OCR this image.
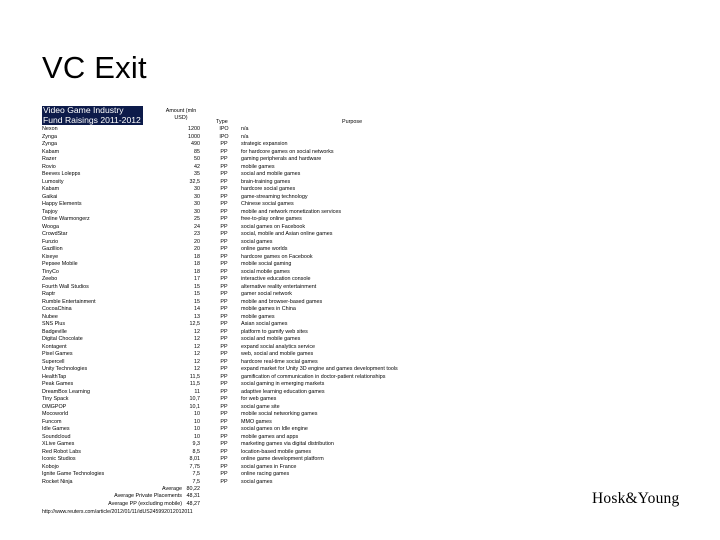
VC Exit
Video Game Industry
Fund Raisings 2011-2012
Amount (mln
USD)
Type	Purpose
Nexon	1200	IPO	n/a
Zynga	1000	IPO	n/a
Zynga	490	PP	strategic expansion
Kabam	85	PP	for hardcore games on social networks
Razer	50	PP	gaming peripherals and hardware
Rovio	42	PP	mobile games
Beeves Lolepps	35	PP	social and mobile games
Lumosity	32,5	PP	brain-training games
Kabam	30	PP	hardcore social games
Gaikai	30	PP	game-streaming technology
Happy Elements	30	PP	Chinese social games
Tapjoy	30	PP	mobile and network monetization services
Online Warmongerz	25	PP	free-to-play online games
Wooga	24	PP	social games on Facebook
CrowdStar	23	PP	social, mobile and Asian online games
Funzio	20	PP	social games
Gazillion	20	PP	online game worlds
Kixeye	18	PP	hardcore games on Facebook
Pepsee Mobile	18	PP	mobile social gaming
TinyCo	18	PP	social mobile games
Zeebo	17	PP	interactive education console
Fourth Wall Studios	15	PP	alternative reality entertainment
Raptr	15	PP	gamer social network
Rumble Entertainment	15	PP	mobile and browser-based games
CocoaChina	14	PP	mobile games in China
Nubee	13	PP	mobile games
SNS Plus	12,5	PP	Asian social games
Badgeville	12	PP	platform to gamify web sites
Digital Chocolate	12	PP	social and mobile games
Kontagent	12	PP	expand social analytics service
Pixel Games	12	PP	web, social and mobile games
Supercell	12	PP	hardcore real-time social games
Unity Technologies	12	PP	expand market for Unity 3D engine and games development tools
HealthTap	11,5	PP	gamification of communication in doctor-patient relationships
Peak Games	11,5	PP	social gaming in emerging markets
DreamBox Learning	11	PP	adaptive learning education games
Tiny Spack	10,7	PP	for web games
OMGPOP	10,1	PP	social game site
Mocoworld	10	PP	mobile social networking games
Funcom	10	PP	MMO games
Idle Games	10	PP	social games on Idle engine
Soundcloud	10	PP	mobile games and apps
XLive Games	9,3	PP	marketing games via digital distribution
Red Robot Labs	8,5	PP	location-based mobile games
Iconic Studios	8,01	PP	online game development platform
Kobojo	7,75	PP	social games in France
Ignite Game Technologies	7,5	PP	online racing games
Rocket Ninja	7,5	PP	social games
Average 80,22
Average Private Placements 48,31
Average PP (excluding mobile) 48,27
http://www.reuters.com/article/2012/01/11/idUS245992012012011
Hosk&Young
